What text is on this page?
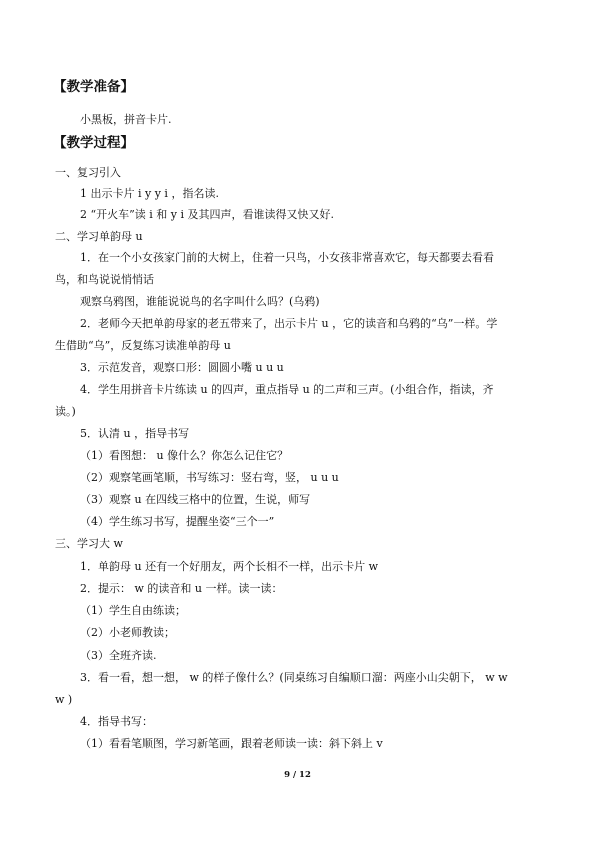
【教学准备】
小黑板，拼音卡片.
【教学过程】
一、复习引入
1 出示卡片 i y y i ，指名读.
2 “开火车”读 i 和 y i 及其四声，看谁读得又快又好.
二、学习单韵母 u
1．在一个小女孩家门前的大树上，住着一只鸟，小女孩非常喜欢它，每天都要去看看
鸟，和鸟说说悄悄话
观察乌鸦图，谁能说说鸟的名字叫什么吗？(乌鸦)
2．老师今天把单韵母家的老五带来了，出示卡片 u ，它的读音和乌鸦的“乌”一样。学
生借助“乌”，反复练习读准单韵母 u
3．示范发音，观察口形：圆圆小嘴 u u u
4．学生用拼音卡片练读 u 的四声，重点指导 u 的二声和三声。(小组合作，指读，齐
读。)
5．认清 u ，指导书写
（1）看图想： u 像什么？你怎么记住它？
（2）观察笔画笔顺，书写练习：竖右弯，竖， u u u
（3）观察 u 在四线三格中的位置，生说，师写
（4）学生练习书写，提醒坐姿“三个一”
三、学习大 w
1．单韵母 u 还有一个好朋友，两个长相不一样，出示卡片 w
2．提示： w 的读音和 u 一样。读一读：
（1）学生自由练读；
（2）小老师教读；
（3）全班齐读.
3．看一看，想一想， w 的样子像什么？(同桌练习自编顺口溜：两座小山尖朝下， w w
w )
4．指导书写：
（1）看看笔顺图，学习新笔画，跟着老师读一读：斜下斜上 v
9 / 12
